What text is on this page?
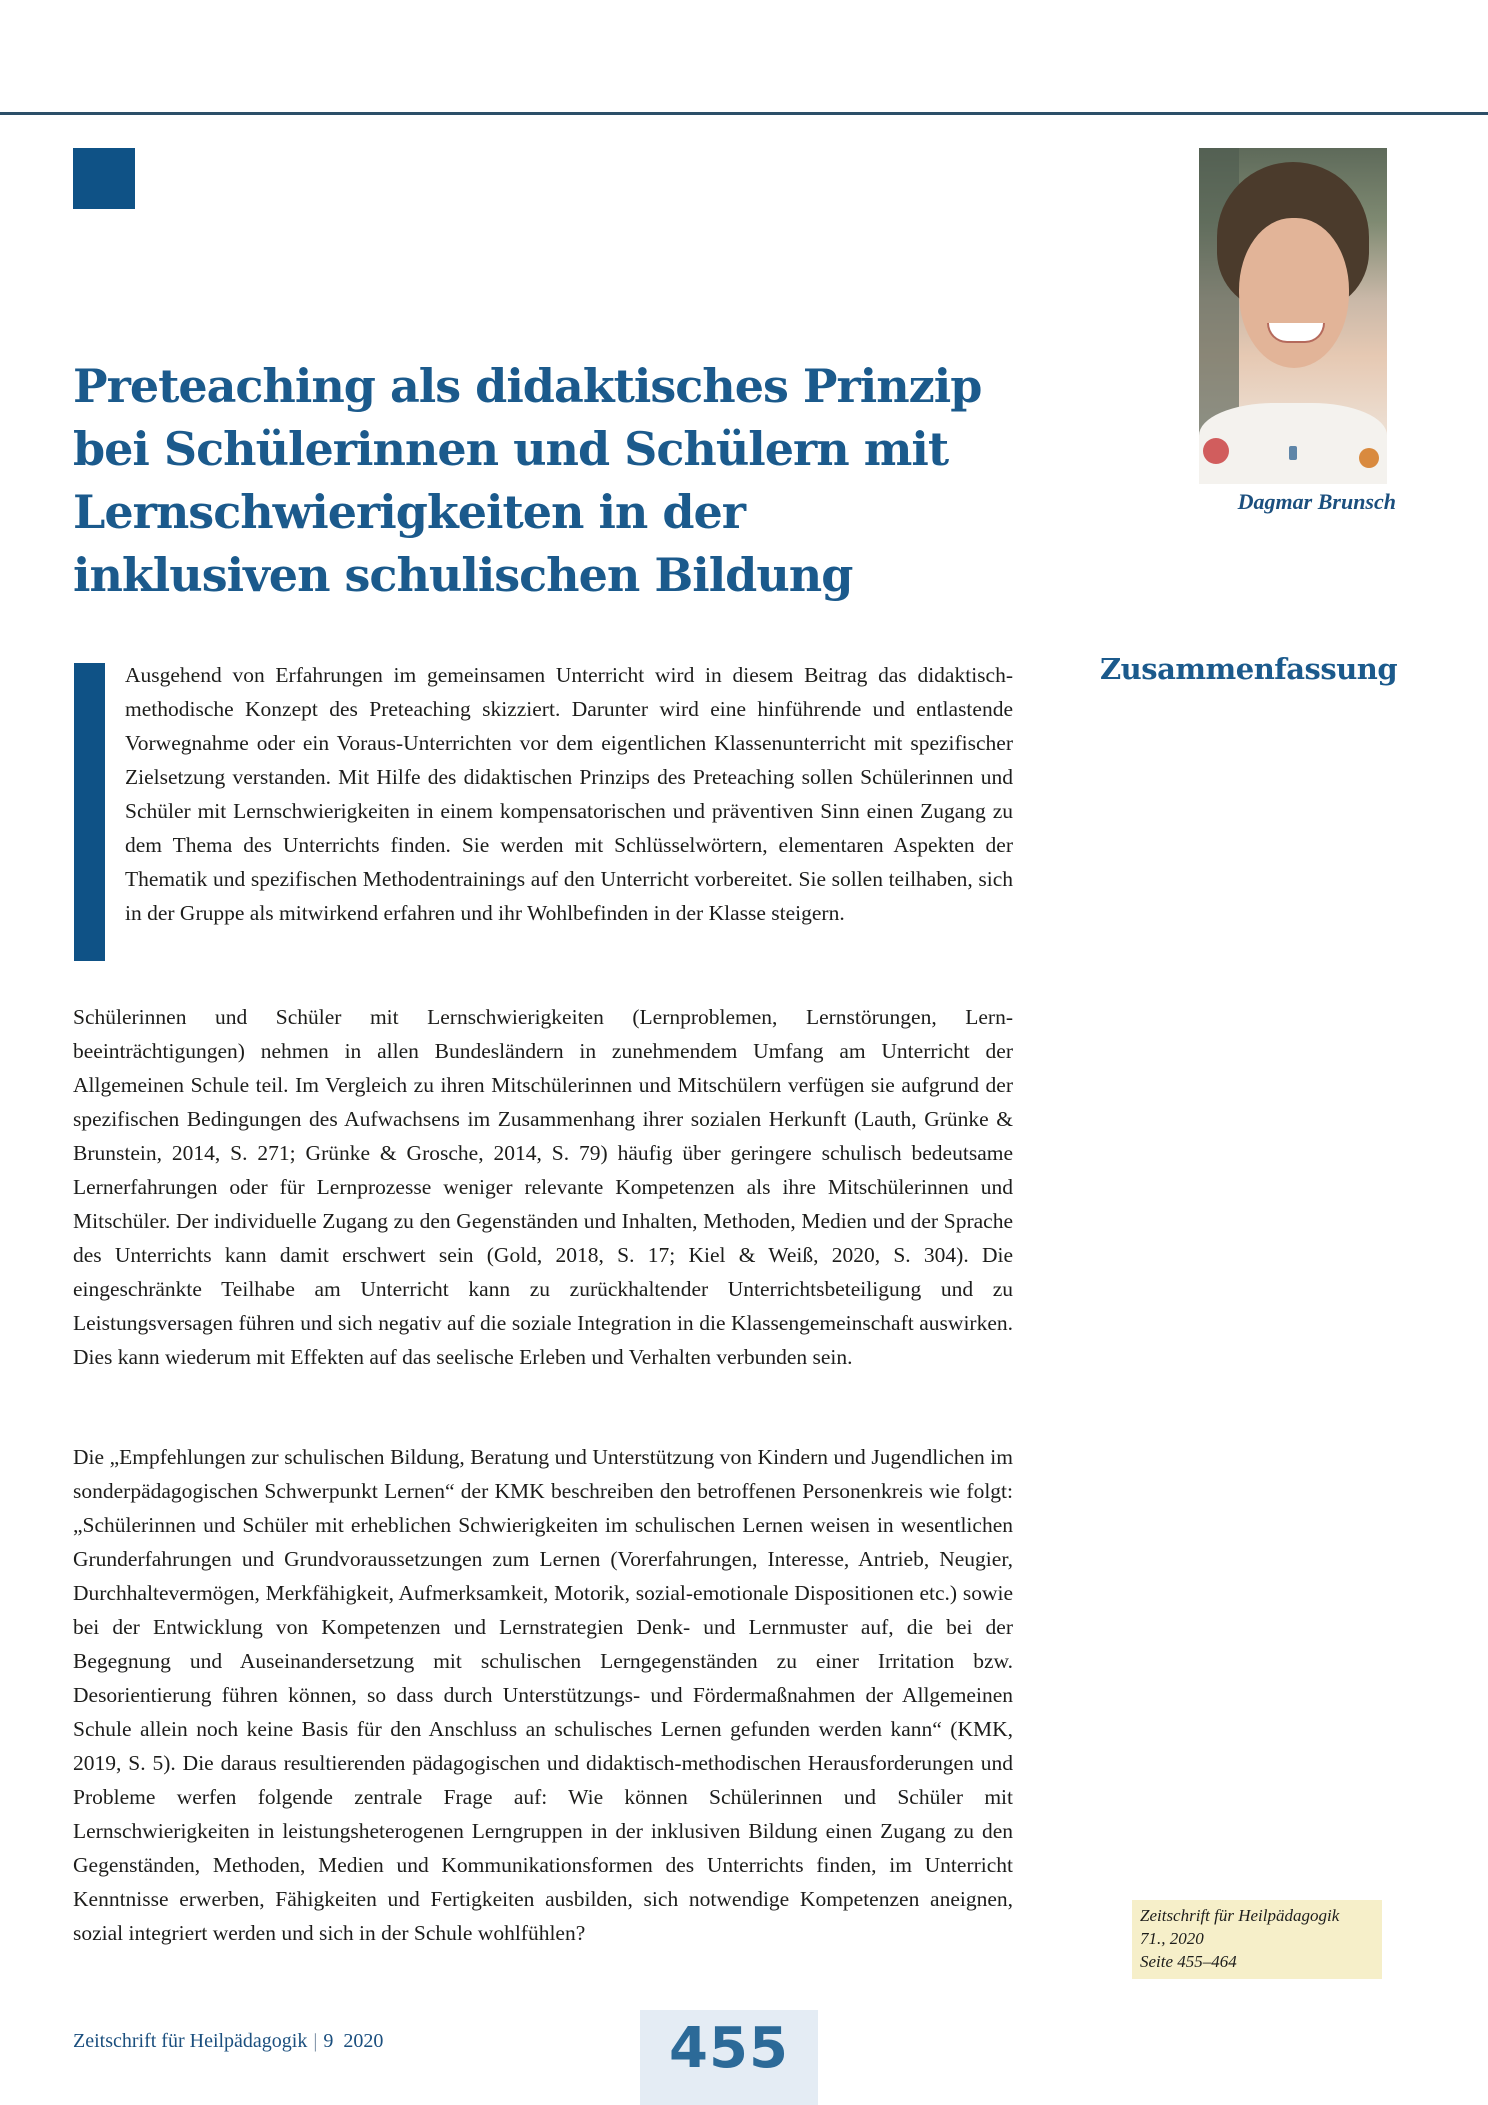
Preteaching als didaktisches Prinzip
bei Schülerinnen und Schülern mit
Lernschwierigkeiten in der
inklusiven schulischen Bildung
Dagmar Brunsch
Zusammenfassung

Ausgehend von Erfahrungen im gemeinsamen Unterricht wird in diesem Beitrag das didaktisch-methodische Konzept des Preteaching skizziert. Darunter wird eine hinführende und entlastende Vorwegnahme oder ein Voraus-Unterrichten vor dem eigentlichen Klassenunterricht mit spezifischer Zielsetzung verstanden. Mit Hilfe des didaktischen Prinzips des Preteaching sollen Schülerinnen und Schüler mit Lernschwierigkeiten in einem kompensatorischen und präventiven Sinn einen Zugang zu dem Thema des Unterrichts finden. Sie werden mit Schlüsselwörtern, elementaren Aspekten der Thematik und spezifischen Methodentrainings auf den Unterricht vorbereitet. Sie sollen teilhaben, sich in der Gruppe als mitwirkend erfahren und ihr Wohlbefinden in der Klasse steigern.

Schülerinnen und Schüler mit Lernschwierigkeiten (Lernproblemen, Lernstörungen, Lernbeeinträchtigungen) nehmen in allen Bundesländern in zunehmendem Umfang am Unterricht der Allgemeinen Schule teil. Im Vergleich zu ihren Mitschülerinnen und Mitschülern verfügen sie aufgrund der spezifischen Bedingungen des Aufwachsens im Zusammenhang ihrer sozialen Herkunft (Lauth, Grünke & Brunstein, 2014, S. 271; Grünke & Grosche, 2014, S. 79) häufig über geringere schulisch bedeutsame Lernerfahrungen oder für Lernprozesse weniger relevante Kompetenzen als ihre Mitschülerinnen und Mitschüler. Der individuelle Zugang zu den Gegenständen und Inhalten, Methoden, Medien und der Sprache des Unterrichts kann damit erschwert sein (Gold, 2018, S. 17; Kiel & Weiß, 2020, S. 304). Die eingeschränkte Teilhabe am Unterricht kann zu zurückhaltender Unterrichtsbeteiligung und zu Leistungsversagen führen und sich negativ auf die soziale Integration in die Klassengemeinschaft auswirken. Dies kann wiederum mit Effekten auf das seelische Erleben und Verhalten verbunden sein.

Die „Empfehlungen zur schulischen Bildung, Beratung und Unterstützung von Kindern und Jugendlichen im sonderpädagogischen Schwerpunkt Lernen“ der KMK beschreiben den betroffenen Personenkreis wie folgt: „Schülerinnen und Schüler mit erheblichen Schwierigkeiten im schulischen Lernen weisen in wesentlichen Grunderfahrungen und Grundvoraussetzungen zum Lernen (Vorerfahrungen, Interesse, Antrieb, Neugier, Durchhaltevermögen, Merkfähigkeit, Aufmerksamkeit, Motorik, sozial-emotionale Dispositionen etc.) sowie bei der Entwicklung von Kompetenzen und Lernstrategien Denk- und Lernmuster auf, die bei der Begegnung und Auseinandersetzung mit schulischen Lerngegenständen zu einer Irritation bzw. Desorientierung führen können, so dass durch Unterstützungs- und Fördermaßnahmen der Allgemeinen Schule allein noch keine Basis für den Anschluss an schulisches Lernen gefunden werden kann“ (KMK, 2019, S. 5). Die daraus resultierenden pädagogischen und didaktisch-methodischen Herausforderungen und Probleme werfen folgende zentrale Frage auf: Wie können Schülerinnen und Schüler mit Lernschwierigkeiten in leistungsheterogenen Lerngruppen in der inklusiven Bildung einen Zugang zu den Gegenständen, Methoden, Medien und Kommunikationsformen des Unterrichts finden, im Unterricht Kenntnisse erwerben, Fähigkeiten und Fertigkeiten ausbilden, sich notwendige Kompetenzen aneignen, sozial integriert werden und sich in der Schule wohlfühlen?

Zeitschrift für Heilpädagogik
71., 2020
Seite 455–464
Zeitschrift für Heilpädagogik | 9  2020	455
